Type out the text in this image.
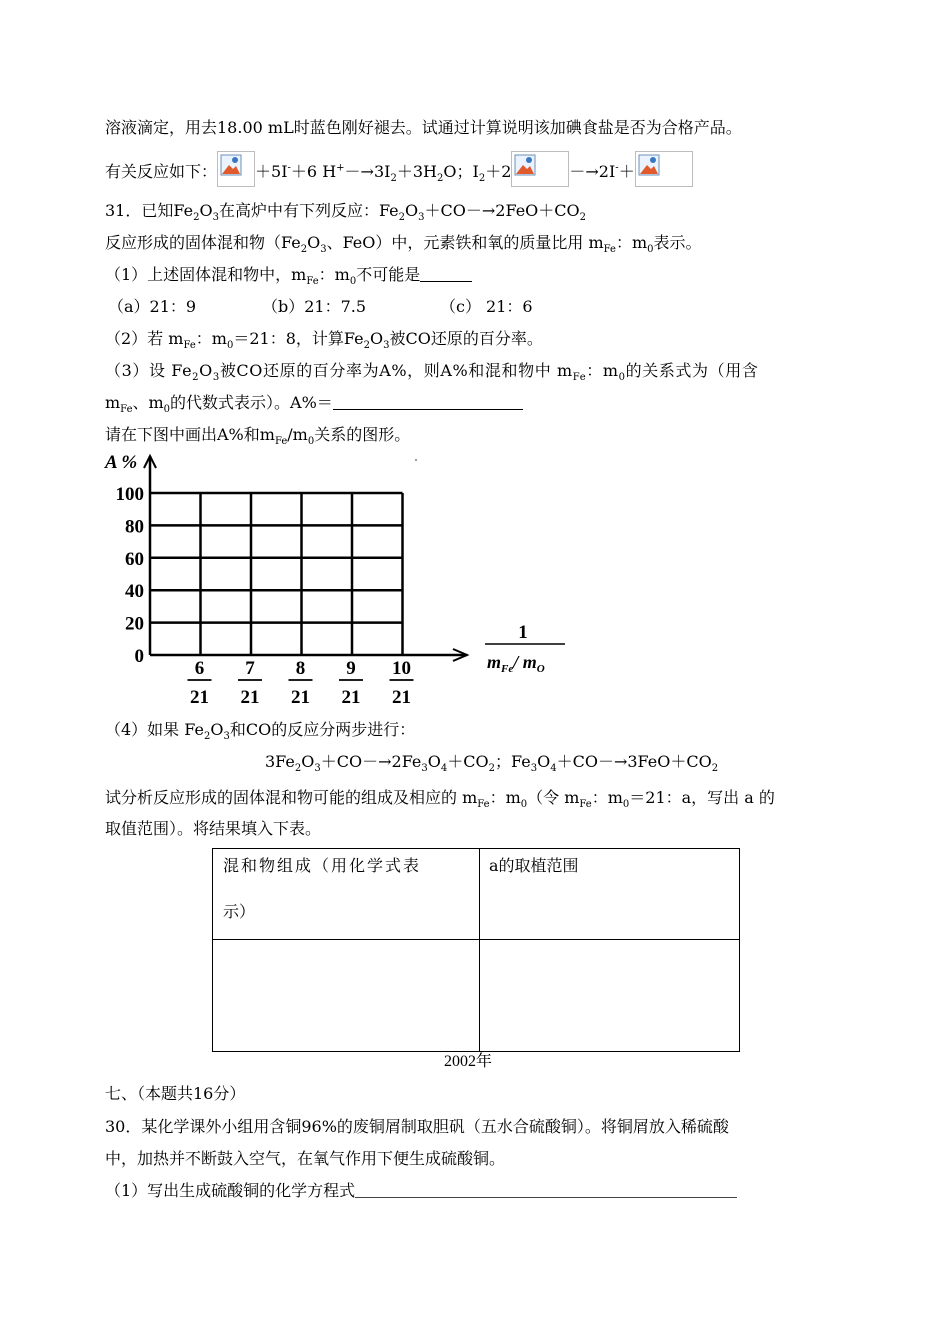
溶液滴定，用去18.00 mL时蓝色刚好褪去。试通过计算说明该加碘食盐是否为合格产品。
有关反应如下： ＋5I-＋6 $H^+-\to 3I_2+3H_2O$；$I_2+2$	－→2I-＋
31．已知$Fe_2O_3$在高炉中有下列反应：$Fe_2O_3+CO-\to 2FeO+CO_2$
反应形成的固体混和物（$Fe_2O_3$、FeO）中，元素铁和氧的质量比用 $m_{Fe}$：$m_0$表示。
（1）上述固体混和物中，$m_{Fe}$：$m_0$不可能是
（a）21：9	（b）21：7.5	（c） 21：6
（2）若 $m_{Fe}$：$m_0=21$：8，计算$Fe_2O_3$被CO还原的百分率。
（3）设 $Fe_2O_3$被CO还原的百分率为A%，则A%和混和物中 $m_{Fe}$：$m_0$的关系式为（用含
$m_{Fe}$、$m_0$的代数式表示）。A%＝
请在下图中画出A%和$m_{Fe}/m_0$关系的图形。
A %
100
80
60
40
20
0
6
21
7
21
8
21
9
21
10
21
1
$m_{Fe}/$ $m_O$
（4）如果 $Fe_2O_3$和CO的反应分两步进行：
$3Fe_2O_3+CO-\to 2Fe_3O_4+CO_2$；$Fe_3O_4+CO-\to 3FeO+CO_2$
试分析反应形成的固体混和物可能的组成及相应的 $m_{Fe}$：$m_0$（令 $m_{Fe}$：$m_0=21$：a，写出 a 的
取值范围）。将结果填入下表。
混和物组成（用化学式表
示）
a的取植范围
2002年
七、（本题共16分）
30．某化学课外小组用含铜96%的废铜屑制取胆矾（五水合硫酸铜）。将铜屑放入稀硫酸
中，加热并不断鼓入空气，在氧气作用下便生成硫酸铜。
（1）写出生成硫酸铜的化学方程式
